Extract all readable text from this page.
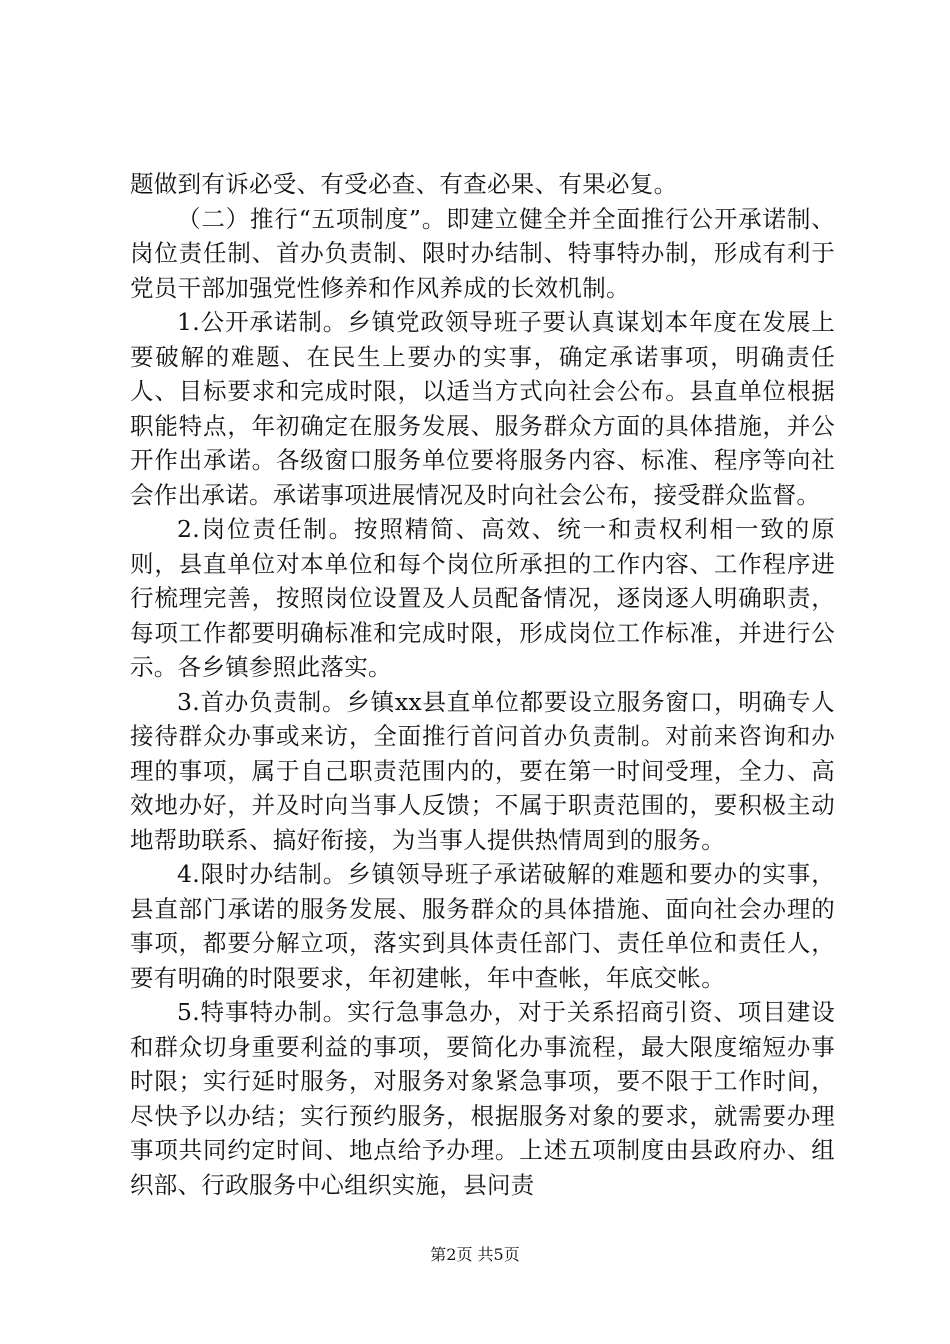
题做到有诉必受、有受必查、有查必果、有果必复。

（二）推行“五项制度”。即建立健全并全面推行公开承诺制、岗位责任制、首办负责制、限时办结制、特事特办制，形成有利于党员干部加强党性修养和作风养成的长效机制。

1.公开承诺制。乡镇党政领导班子要认真谋划本年度在发展上要破解的难题、在民生上要办的实事，确定承诺事项，明确责任人、目标要求和完成时限，以适当方式向社会公布。县直单位根据职能特点，年初确定在服务发展、服务群众方面的具体措施，并公开作出承诺。各级窗口服务单位要将服务内容、标准、程序等向社会作出承诺。承诺事项进展情况及时向社会公布，接受群众监督。

2.岗位责任制。按照精简、高效、统一和责权利相一致的原则，县直单位对本单位和每个岗位所承担的工作内容、工作程序进行梳理完善，按照岗位设置及人员配备情况，逐岗逐人明确职责，每项工作都要明确标准和完成时限，形成岗位工作标准，并进行公示。各乡镇参照此落实。

3.首办负责制。乡镇xx县直单位都要设立服务窗口，明确专人接待群众办事或来访，全面推行首问首办负责制。对前来咨询和办理的事项，属于自己职责范围内的，要在第一时间受理，全力、高效地办好，并及时向当事人反馈；不属于职责范围的，要积极主动地帮助联系、搞好衔接，为当事人提供热情周到的服务。

4.限时办结制。乡镇领导班子承诺破解的难题和要办的实事，县直部门承诺的服务发展、服务群众的具体措施、面向社会办理的事项，都要分解立项，落实到具体责任部门、责任单位和责任人，要有明确的时限要求，年初建帐，年中查帐，年底交帐。

5.特事特办制。实行急事急办，对于关系招商引资、项目建设和群众切身重要利益的事项，要简化办事流程，最大限度缩短办事时限；实行延时服务，对服务对象紧急事项，要不限于工作时间，尽快予以办结；实行预约服务，根据服务对象的要求，就需要办理事项共同约定时间、地点给予办理。上述五项制度由县政府办、组织部、行政服务中心组织实施，县问责

第2页 共5页
